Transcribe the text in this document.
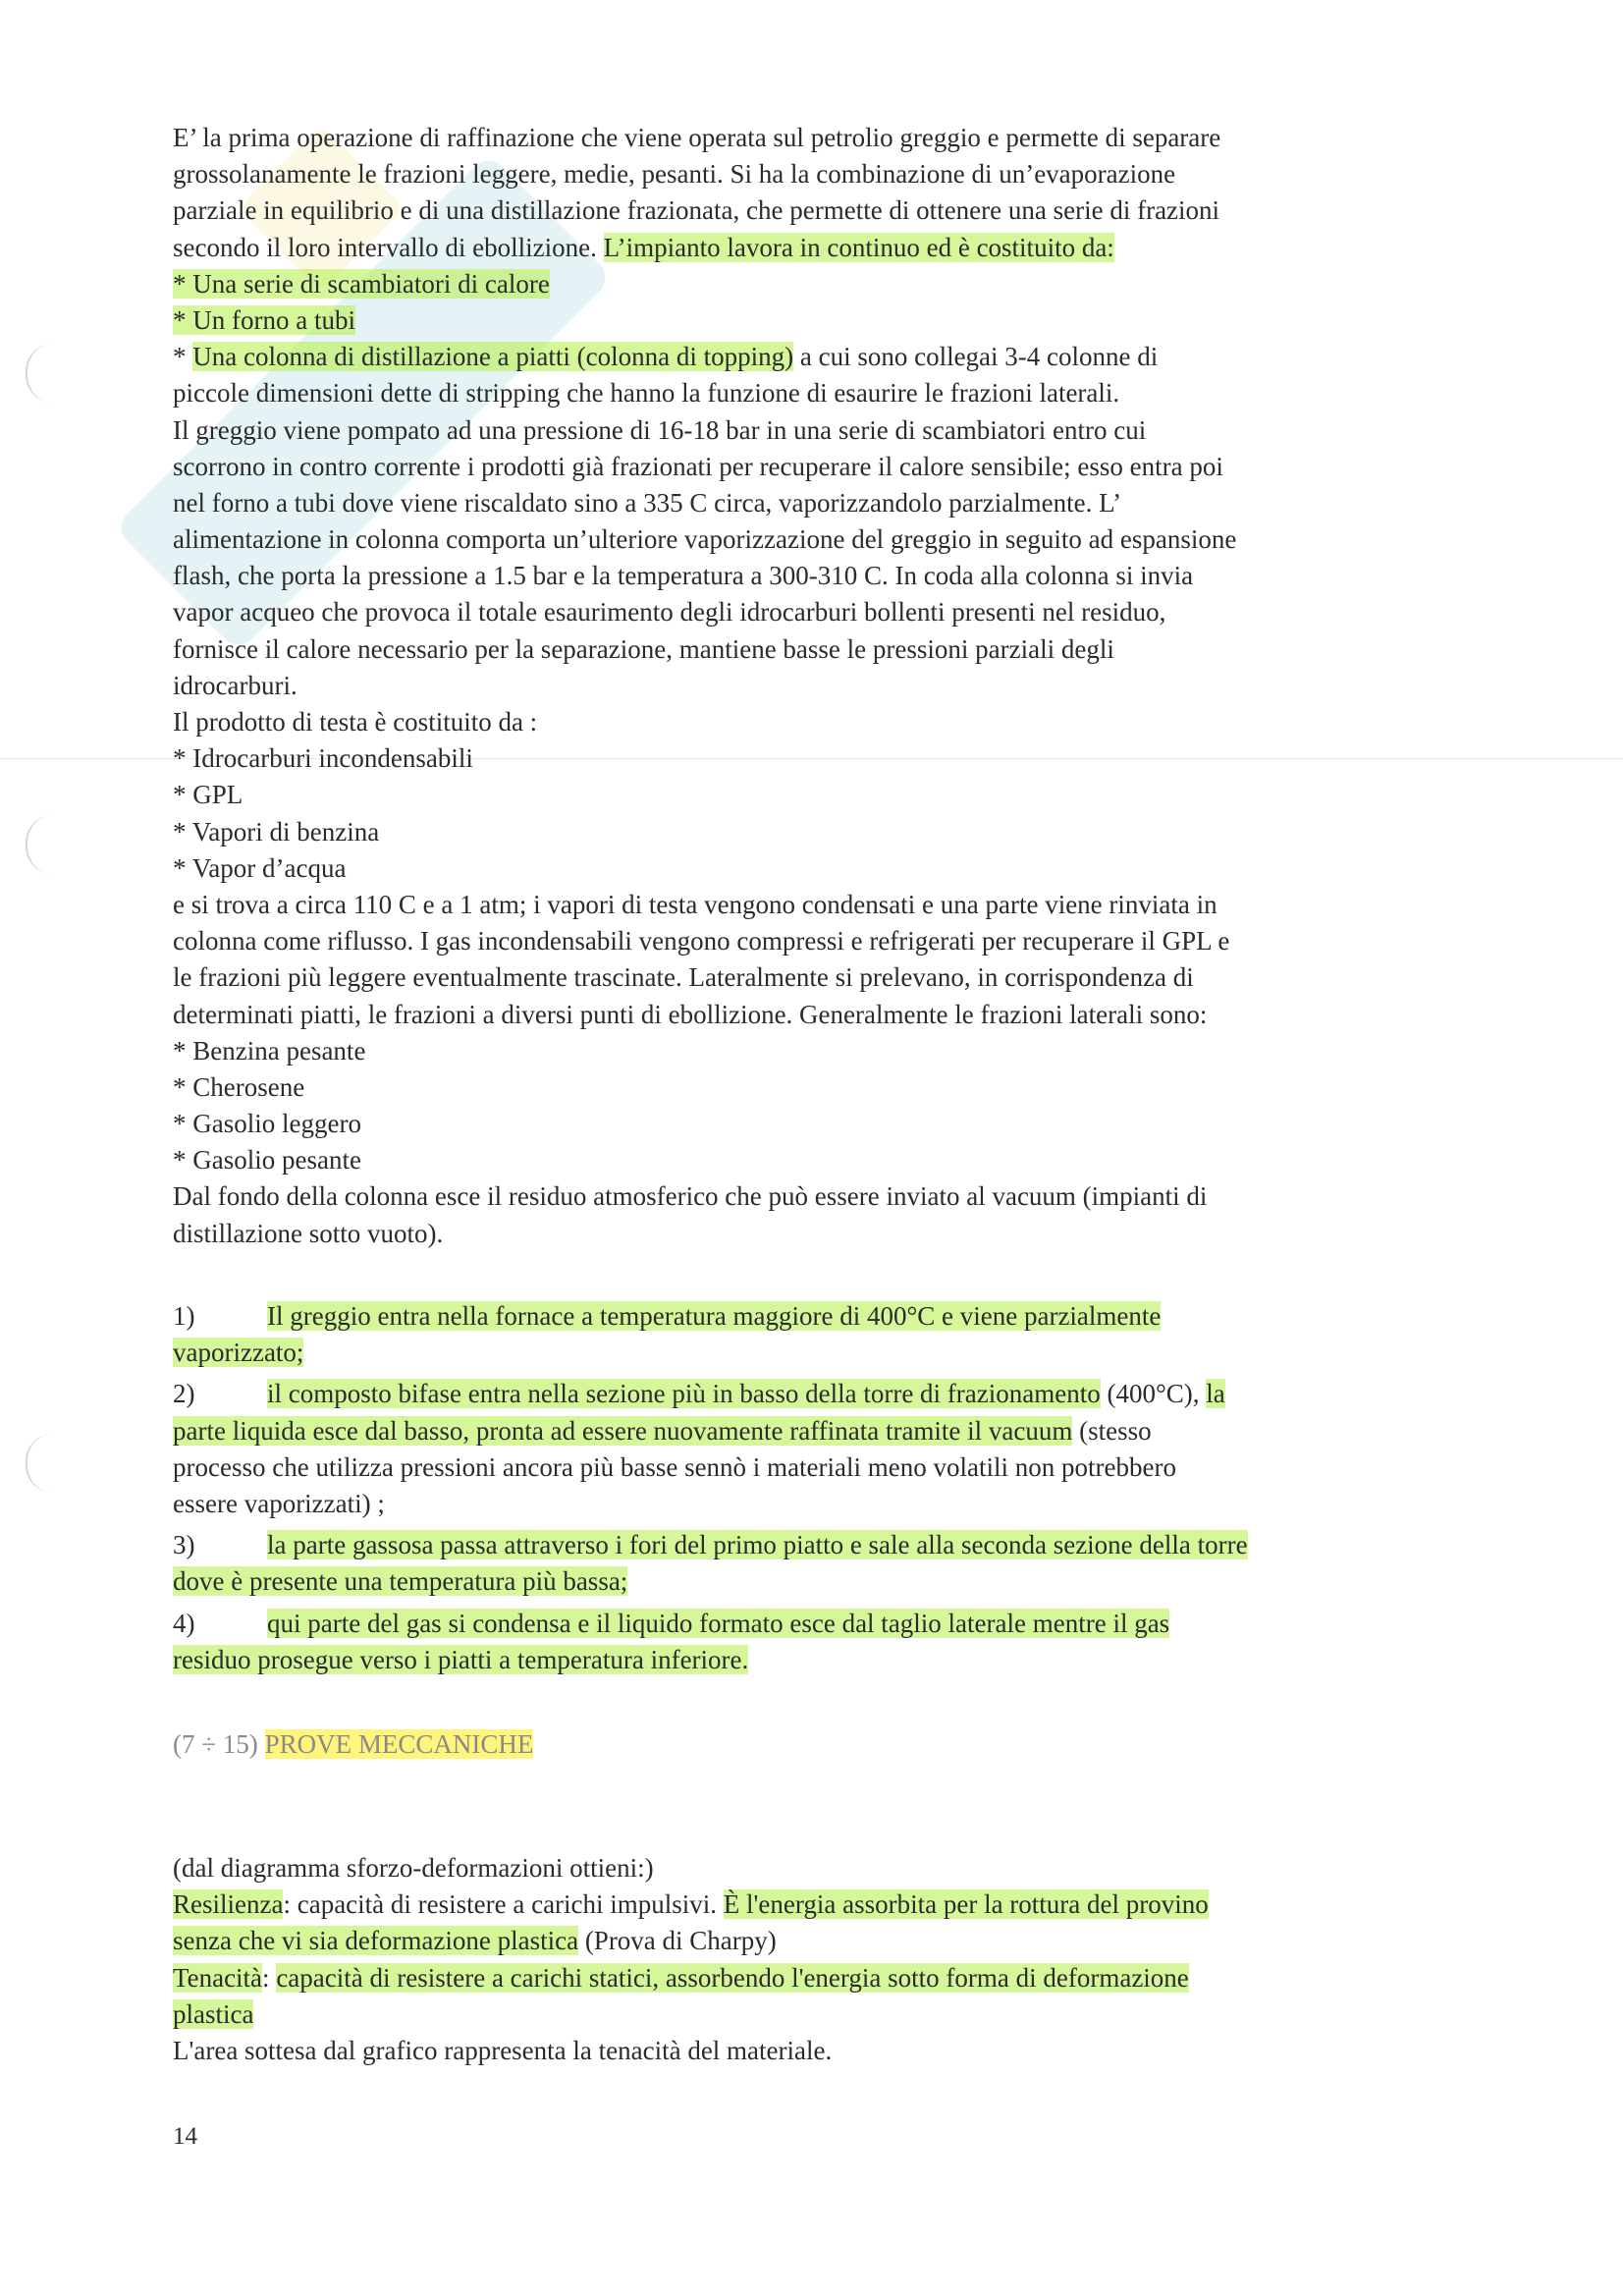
E’ la prima operazione di raffinazione che viene operata sul petrolio greggio e permette di separare
grossolanamente le frazioni leggere, medie, pesanti. Si ha la combinazione di un’evaporazione
parziale in equilibrio e di una distillazione frazionata, che permette di ottenere una serie di frazioni
secondo il loro intervallo di ebollizione. L’impianto lavora in continuo ed è costituito da:
* Una serie di scambiatori di calore
* Un forno a tubi
* Una colonna di distillazione a piatti (colonna di topping) a cui sono collegai 3-4 colonne di
piccole dimensioni dette di stripping che hanno la funzione di esaurire le frazioni laterali.
Il greggio viene pompato ad una pressione di 16-18 bar in una serie di scambiatori entro cui
scorrono in contro corrente i prodotti già frazionati per recuperare il calore sensibile; esso entra poi
nel forno a tubi dove viene riscaldato sino a 335 C circa, vaporizzandolo parzialmente. L’
alimentazione in colonna comporta un’ulteriore vaporizzazione del greggio in seguito ad espansione
flash, che porta la pressione a 1.5 bar e la temperatura a 300-310 C. In coda alla colonna si invia
vapor acqueo che provoca il totale esaurimento degli idrocarburi bollenti presenti nel residuo,
fornisce il calore necessario per la separazione, mantiene basse le pressioni parziali degli
idrocarburi.
Il prodotto di testa è costituito da :
* Idrocarburi incondensabili
* GPL
* Vapori di benzina
* Vapor d’acqua
e si trova a circa 110 C e a 1 atm; i vapori di testa vengono condensati e una parte viene rinviata in
colonna come riflusso. I gas incondensabili vengono compressi e refrigerati per recuperare il GPL e
le frazioni più leggere eventualmente trascinate. Lateralmente si prelevano, in corrispondenza di
determinati piatti, le frazioni a diversi punti di ebollizione. Generalmente le frazioni laterali sono:
* Benzina pesante
* Cherosene
* Gasolio leggero
* Gasolio pesante
Dal fondo della colonna esce il residuo atmosferico che può essere inviato al vacuum (impianti di
distillazione sotto vuoto).
1)	Il greggio entra nella fornace a temperatura maggiore di 400°C e viene parzialmente
vaporizzato;
2)	il composto bifase entra nella sezione più in basso della torre di frazionamento (400°C), la
parte liquida esce dal basso, pronta ad essere nuovamente raffinata tramite il vacuum (stesso
processo che utilizza pressioni ancora più basse sennò i materiali meno volatili non potrebbero
essere vaporizzati) ;
3)	la parte gassosa passa attraverso i fori del primo piatto e sale alla seconda sezione della torre
dove è presente una temperatura più bassa;
4)	qui parte del gas si condensa e il liquido formato esce dal taglio laterale mentre il gas
residuo prosegue verso i piatti a temperatura inferiore.
(7 ÷ 15) PROVE MECCANICHE
(dal diagramma sforzo-deformazioni ottieni:)
Resilienza: capacità di resistere a carichi impulsivi. È l'energia assorbita per la rottura del provino
senza che vi sia deformazione plastica (Prova di Charpy)
Tenacità: capacità di resistere a carichi statici, assorbendo l'energia sotto forma di deformazione
plastica
L'area sottesa dal grafico rappresenta la tenacità del materiale.
14
